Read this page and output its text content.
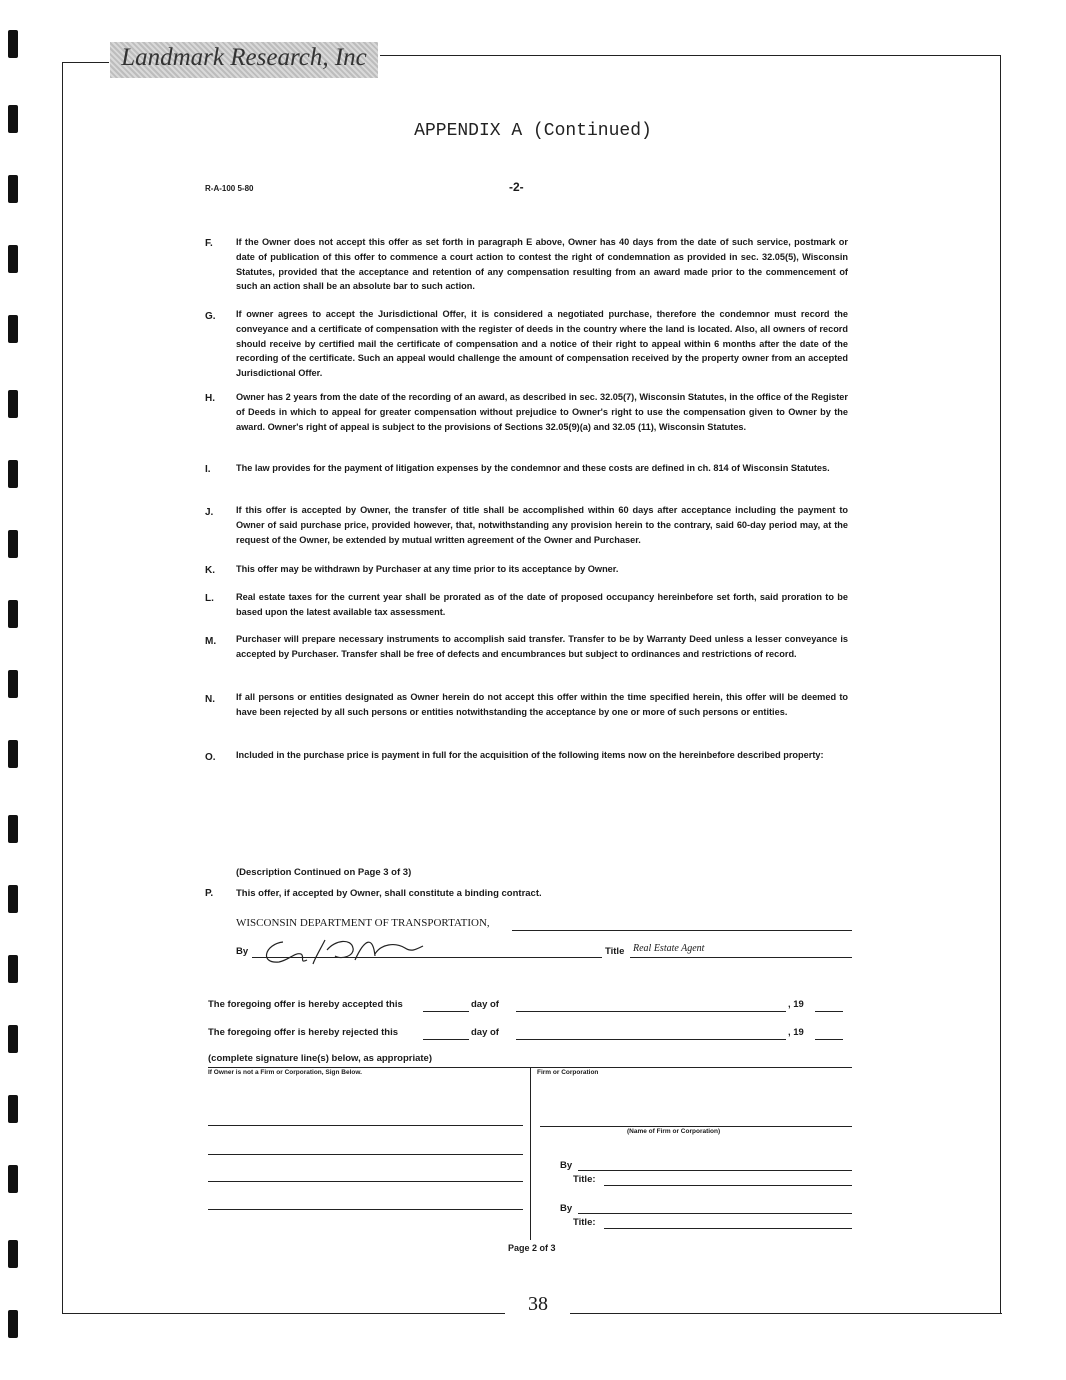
Landmark Research, Inc
APPENDIX A (Continued)
R-A-100 5-80	-2-
F.	If the Owner does not accept this offer as set forth in paragraph E above, Owner has 40 days from the date of such service, postmark or date of publication of this offer to commence a court action to contest the right of condemnation as provided in sec. 32.05(5), Wisconsin Statutes, provided that the acceptance and retention of any compensation resulting from an award made prior to the commencement of such an action shall be an absolute bar to such action.
G. If owner agrees to accept the Jurisdictional Offer, it is considered a negotiated purchase, therefore the condemnor must record the conveyance and a certificate of compensation with the register of deeds in the country where the land is located. Also, all owners of record should receive by certified mail the certificate of compensation and a notice of their right to appeal within 6 months after the date of the recording of the certificate. Such an appeal would challenge the amount of compensation received by the property owner from an accepted Jurisdictional Offer.
H. Owner has 2 years from the date of the recording of an award, as described in sec. 32.05(7), Wisconsin Statutes, in the office of the Register of Deeds in which to appeal for greater compensation without prejudice to Owner's right to use the compensation given to Owner by the award. Owner's right of appeal is subject to the provisions of Sections 32.05(9)(a) and 32.05 (11), Wisconsin Statutes.
I.	The law provides for the payment of litigation expenses by the condemnor and these costs are defined in ch. 814 of Wisconsin Statutes.
J. If this offer is accepted by Owner, the transfer of title shall be accomplished within 60 days after acceptance including the payment to Owner of said purchase price, provided however, that, notwithstanding any provision herein to the contrary, said 60-day period may, at the request of the Owner, be extended by mutual written agreement of the Owner and Purchaser.
K. This offer may be withdrawn by Purchaser at any time prior to its acceptance by Owner.
L. Real estate taxes for the current year shall be prorated as of the date of proposed occupancy hereinbefore set forth, said proration to be based upon the latest available tax assessment.
M. Purchaser will prepare necessary instruments to accomplish said transfer. Transfer to be by Warranty Deed unless a lesser conveyance is accepted by Purchaser. Transfer shall be free of defects and encumbrances but subject to ordinances and restrictions of record.
N. If all persons or entities designated as Owner herein do not accept this offer within the time specified herein, this offer will be deemed to have been rejected by all such persons or entities notwithstanding the acceptance by one or more of such persons or entities.
O. Included in the purchase price is payment in full for the acquisition of the following items now on the hereinbefore described property:
(Description Continued on Page 3 of 3)
P. This offer, if accepted by Owner, shall constitute a binding contract.
WISCONSIN DEPARTMENT OF TRANSPORTATION,
By	Title Real Estate Agent
The foregoing offer is hereby accepted this	day of	, 19
The foregoing offer is hereby rejected this	day of	, 19
(complete signature line(s) below, as appropriate)
If Owner is not a Firm or Corporation, Sign Below.	Firm or Corporation
(Name of Firm or Corporation)
By
Title:
By
Title:
Page 2 of 3
38
